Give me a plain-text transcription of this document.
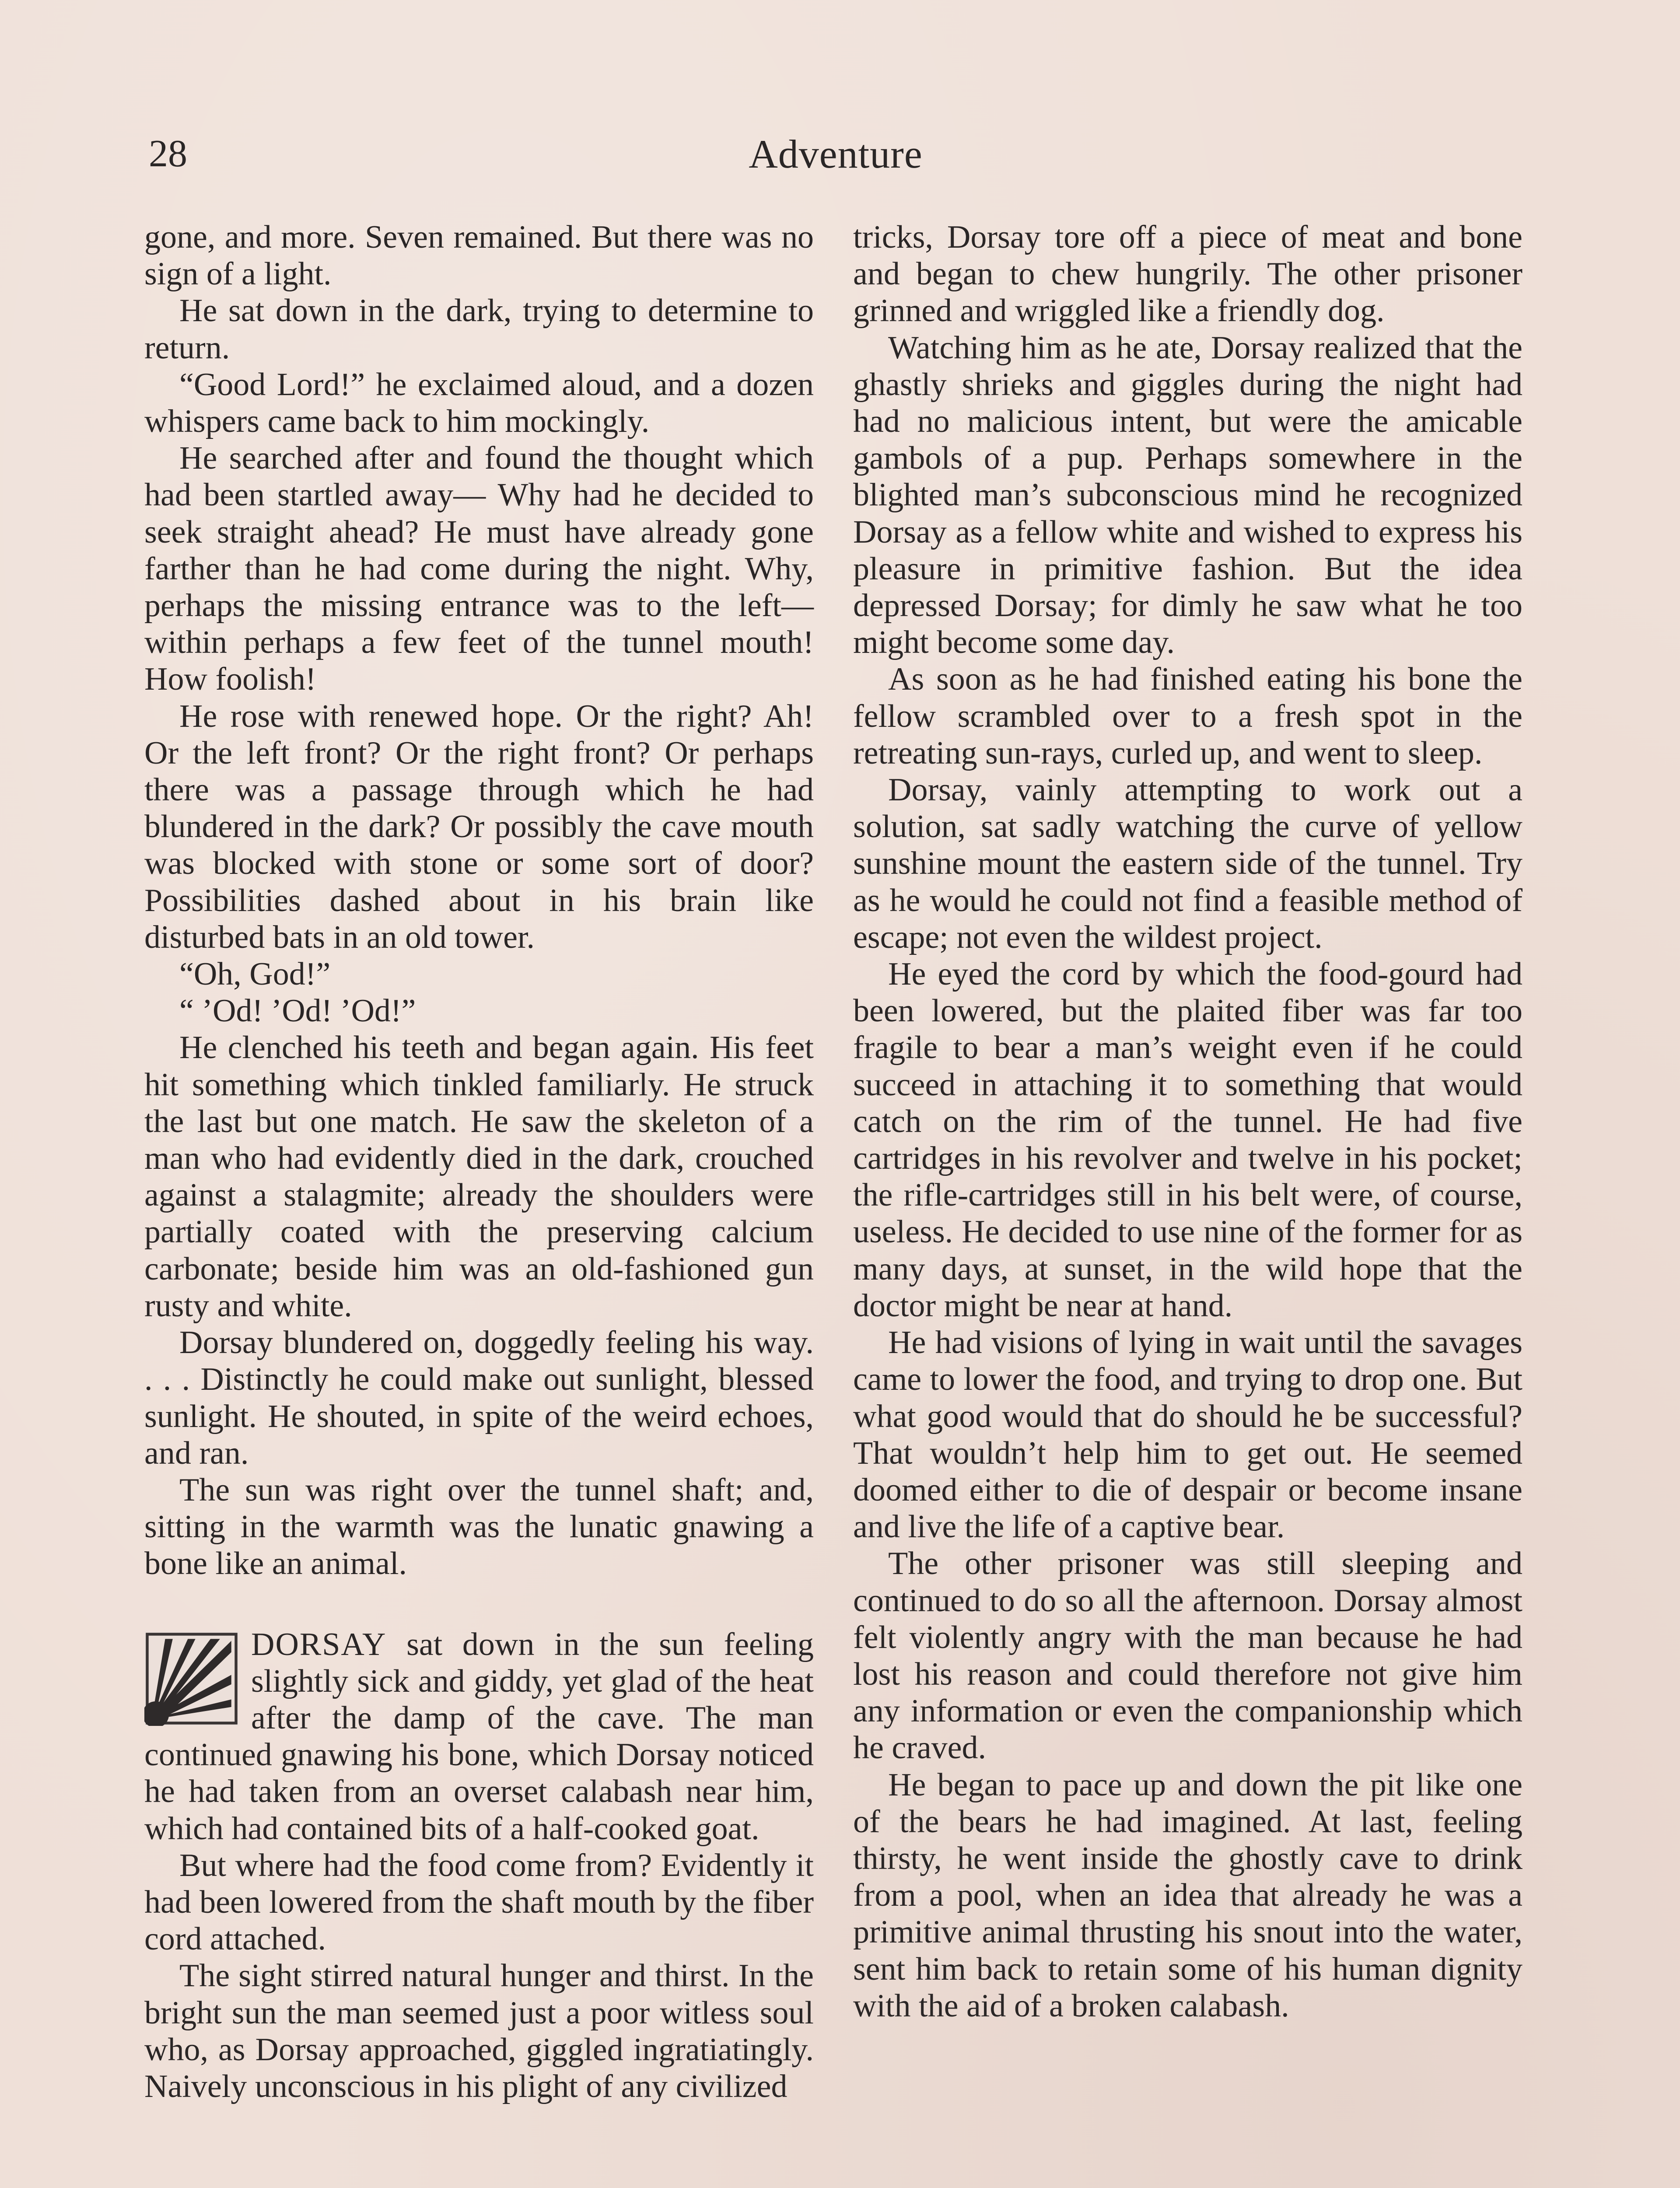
28	Adventure

gone, and more. Seven remained. But there was no sign of a light.

He sat down in the dark, trying to determine to return.

“Good Lord!” he exclaimed aloud, and a dozen whispers came back to him mockingly.

He searched after and found the thought which had been startled away— Why had he decided to seek straight ahead? He must have already gone farther than he had come during the night. Why, perhaps the missing entrance was to the left—within perhaps a few feet of the tunnel mouth! How foolish!

He rose with renewed hope. Or the right? Ah! Or the left front? Or the right front? Or perhaps there was a passage through which he had blundered in the dark? Or possibly the cave mouth was blocked with stone or some sort of door? Possibilities dashed about in his brain like disturbed bats in an old tower.

“Oh, God!”

“ ’Od! ’Od! ’Od!”

He clenched his teeth and began again. His feet hit something which tinkled familiarly. He struck the last but one match. He saw the skeleton of a man who had evidently died in the dark, crouched against a stalagmite; already the shoulders were partially coated with the preserving calcium carbonate; beside him was an old-fashioned gun rusty and white.

Dorsay blundered on, doggedly feeling his way. . . . Distinctly he could make out sunlight, blessed sunlight. He shouted, in spite of the weird echoes, and ran.

The sun was right over the tunnel shaft; and, sitting in the warmth was the lunatic gnawing a bone like an animal.

DORSAY sat down in the sun feeling slightly sick and giddy, yet glad of the heat after the damp of the cave. The man continued gnawing his bone, which Dorsay noticed he had taken from an overset calabash near him, which had contained bits of a half-cooked goat.

But where had the food come from? Evidently it had been lowered from the shaft mouth by the fiber cord attached.

The sight stirred natural hunger and thirst. In the bright sun the man seemed just a poor witless soul who, as Dorsay approached, giggled ingratiatingly. Naively unconscious in his plight of any civilized

tricks, Dorsay tore off a piece of meat and bone and began to chew hungrily. The other prisoner grinned and wriggled like a friendly dog.

Watching him as he ate, Dorsay realized that the ghastly shrieks and giggles during the night had had no malicious intent, but were the amicable gambols of a pup. Perhaps somewhere in the blighted man’s subconscious mind he recognized Dorsay as a fellow white and wished to express his pleasure in primitive fashion. But the idea depressed Dorsay; for dimly he saw what he too might become some day.

As soon as he had finished eating his bone the fellow scrambled over to a fresh spot in the retreating sun-rays, curled up, and went to sleep.

Dorsay, vainly attempting to work out a solution, sat sadly watching the curve of yellow sunshine mount the eastern side of the tunnel. Try as he would he could not find a feasible method of escape; not even the wildest project.

He eyed the cord by which the food-gourd had been lowered, but the plaited fiber was far too fragile to bear a man’s weight even if he could succeed in attaching it to something that would catch on the rim of the tunnel. He had five cartridges in his revolver and twelve in his pocket; the rifle-cartridges still in his belt were, of course, useless. He decided to use nine of the former for as many days, at sunset, in the wild hope that the doctor might be near at hand.

He had visions of lying in wait until the savages came to lower the food, and trying to drop one. But what good would that do should he be successful? That wouldn’t help him to get out. He seemed doomed either to die of despair or become insane and live the life of a captive bear.

The other prisoner was still sleeping and continued to do so all the afternoon. Dorsay almost felt violently angry with the man because he had lost his reason and could therefore not give him any information or even the companionship which he craved.

He began to pace up and down the pit like one of the bears he had imagined. At last, feeling thirsty, he went inside the ghostly cave to drink from a pool, when an idea that already he was a primitive animal thrusting his snout into the water, sent him back to retain some of his human dignity with the aid of a broken calabash.
